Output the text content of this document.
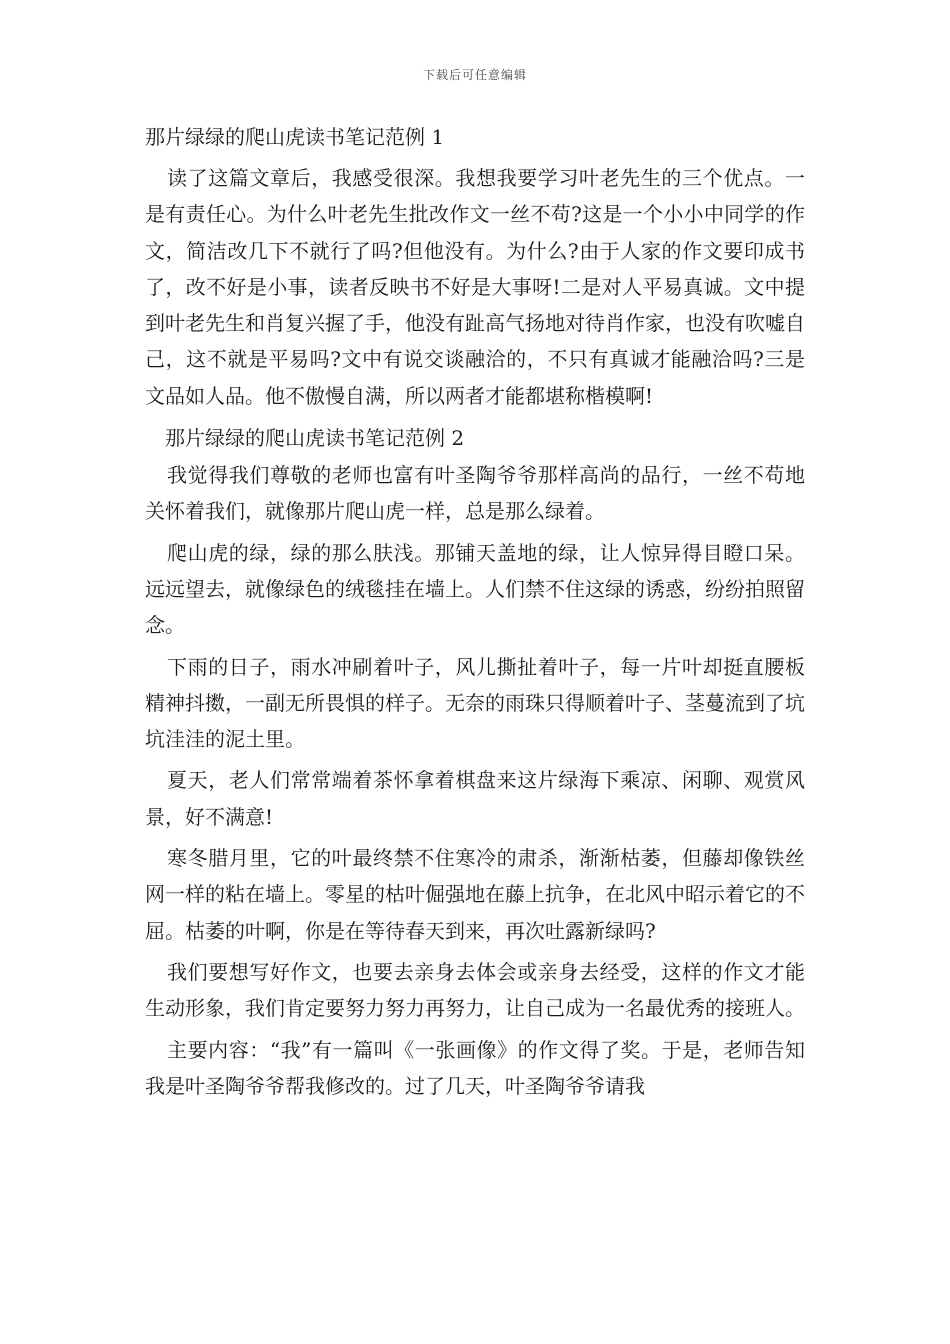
下载后可任意编辑
那片绿绿的爬山虎读书笔记范例 1

读了这篇文章后，我感受很深。我想我要学习叶老先生的三个优点。一是有责任心。为什么叶老先生批改作文一丝不苟?这是一个小小中同学的作文，简洁改几下不就行了吗?但他没有。为什么?由于人家的作文要印成书了，改不好是小事，读者反映书不好是大事呀!二是对人平易真诚。文中提到叶老先生和肖复兴握了手，他没有趾高气扬地对待肖作家，也没有吹嘘自己，这不就是平易吗?文中有说交谈融洽的，不只有真诚才能融洽吗?三是文品如人品。他不傲慢自满，所以两者才能都堪称楷模啊!

那片绿绿的爬山虎读书笔记范例 2

我觉得我们尊敬的老师也富有叶圣陶爷爷那样高尚的品行，一丝不苟地关怀着我们，就像那片爬山虎一样，总是那么绿着。

爬山虎的绿，绿的那么肤浅。那铺天盖地的绿，让人惊异得目瞪口呆。远远望去，就像绿色的绒毯挂在墙上。人们禁不住这绿的诱惑，纷纷拍照留念。

下雨的日子，雨水冲刷着叶子，风儿撕扯着叶子，每一片叶却挺直腰板精神抖擞，一副无所畏惧的样子。无奈的雨珠只得顺着叶子、茎蔓流到了坑坑洼洼的泥土里。

夏天，老人们常常端着茶怀拿着棋盘来这片绿海下乘凉、闲聊、观赏风景，好不满意!

寒冬腊月里，它的叶最终禁不住寒冷的肃杀，渐渐枯萎，但藤却像铁丝网一样的粘在墙上。零星的枯叶倔强地在藤上抗争，在北风中昭示着它的不屈。枯萎的叶啊，你是在等待春天到来，再次吐露新绿吗?

我们要想写好作文，也要去亲身去体会或亲身去经受，这样的作文才能生动形象，我们肯定要努力努力再努力，让自己成为一名最优秀的接班人。

主要内容：“我”有一篇叫《一张画像》的作文得了奖。于是，老师告知我是叶圣陶爷爷帮我修改的。过了几天，叶圣陶爷爷请我
